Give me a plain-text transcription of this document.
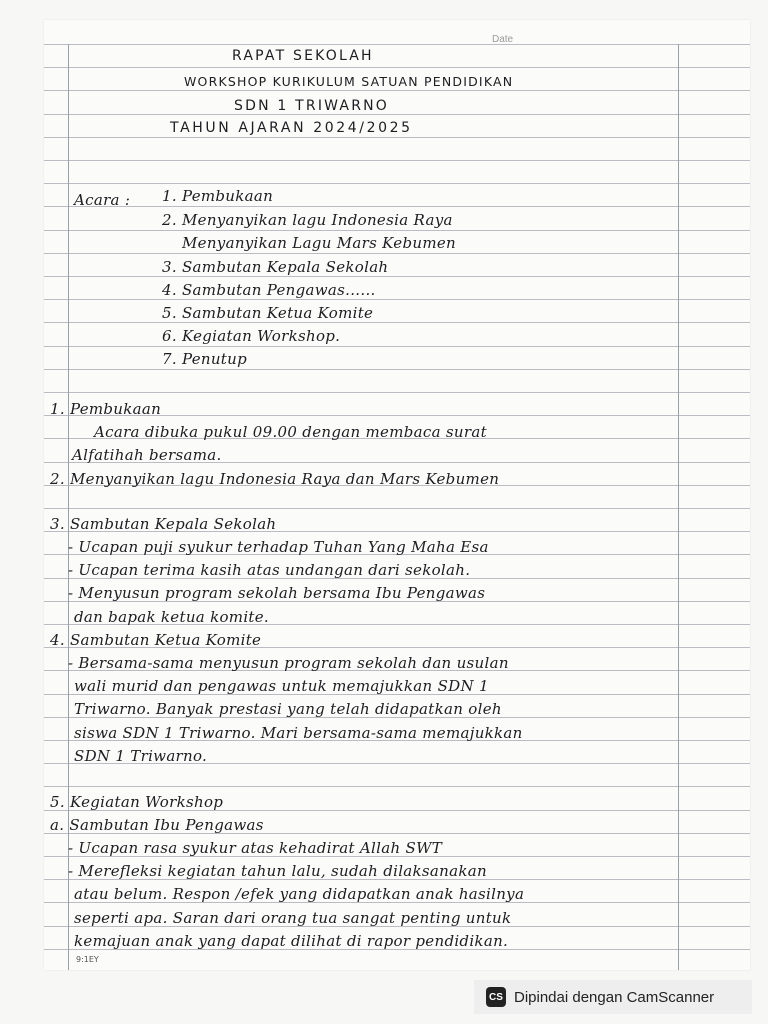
Date
RAPAT SEKOLAH
WORKSHOP KURIKULUM SATUAN PENDIDIKAN
SDN 1 TRIWARNO
TAHUN AJARAN 2024/2025
Acara : 1. Pembukaan
2. Menyanyikan lagu Indonesia Raya
Menyanyikan Lagu Mars Kebumen
3. Sambutan Kepala Sekolah
4. Sambutan Pengawas......
5. Sambutan Ketua Komite
6. Kegiatan Workshop.
7. Penutup
1. Pembukaan
Acara dibuka pukul 09.00 dengan membaca surat
Alfatihah bersama.
2. Menyanyikan lagu Indonesia Raya dan Mars Kebumen
3. Sambutan Kepala Sekolah
- Ucapan puji syukur terhadap Tuhan Yang Maha Esa
- Ucapan terima kasih atas undangan dari sekolah.
- Menyusun program sekolah bersama Ibu Pengawas
dan bapak ketua komite.
4. Sambutan Ketua Komite
- Bersama-sama menyusun program sekolah dan usulan
wali murid dan pengawas untuk memajukkan SDN 1
Triwarno. Banyak prestasi yang telah didapatkan oleh
siswa SDN 1 Triwarno. Mari bersama-sama memajukkan
SDN 1 Triwarno.
5. Kegiatan Workshop
a. Sambutan Ibu Pengawas
- Ucapan rasa syukur atas kehadirat Allah SWT
- Merefleksi kegiatan tahun lalu, sudah dilaksanakan
atau belum. Respon /efek yang didapatkan anak hasilnya
seperti apa. Saran dari orang tua sangat penting untuk
kemajuan anak yang dapat dilihat di rapor pendidikan.
9:1EY
CS Dipindai dengan CamScanner
